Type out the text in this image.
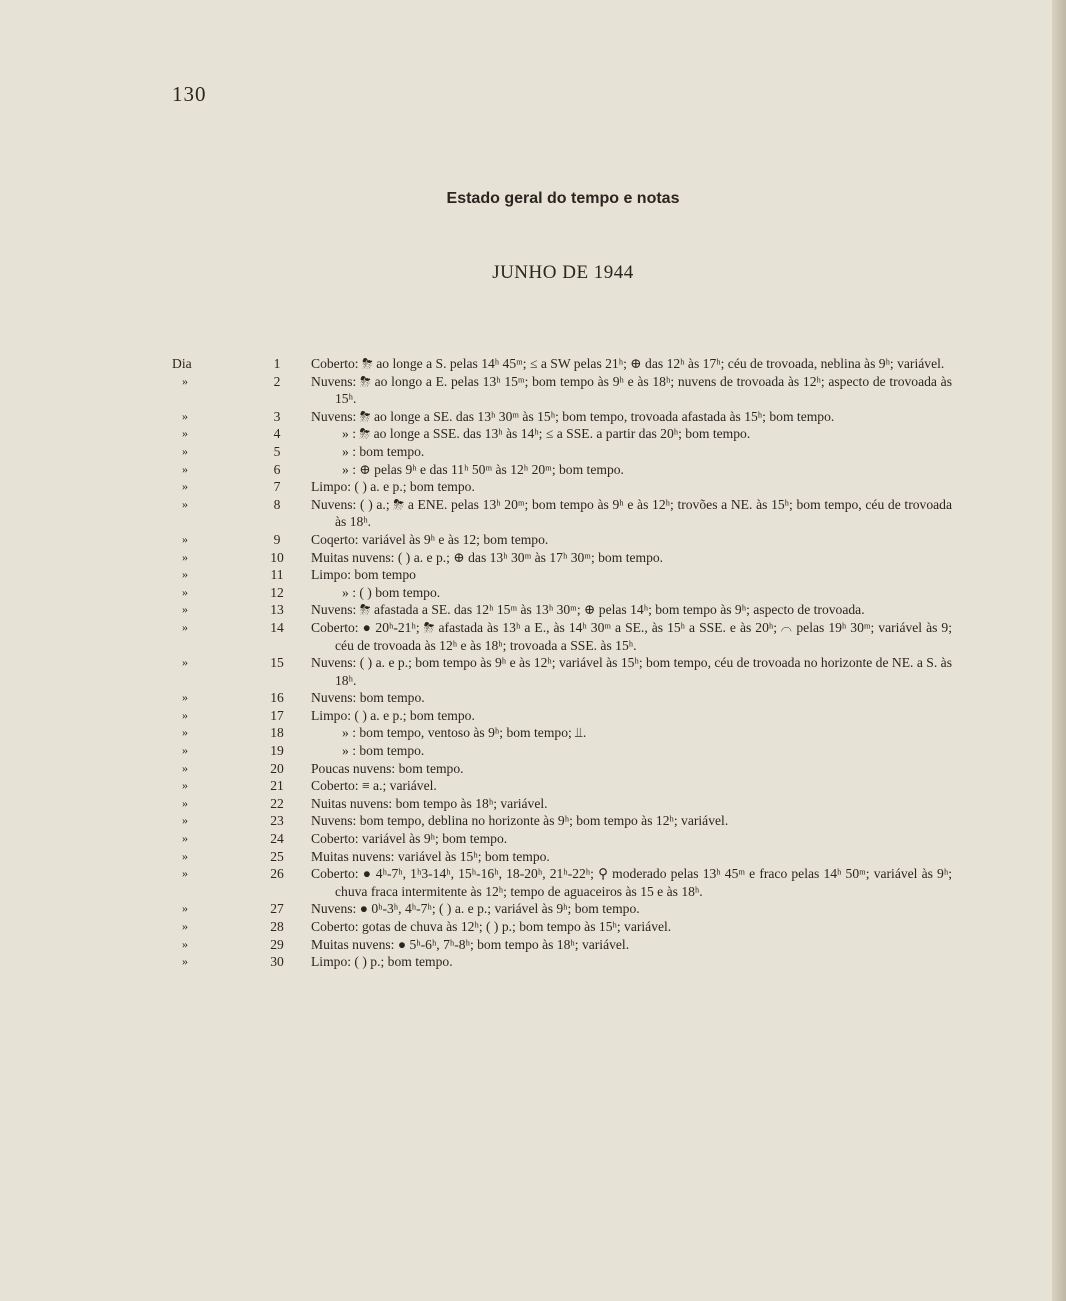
130
Estado geral do tempo e notas
JUNHO DE 1944
Dia	1	Coberto: ⛈ ao longe a S. pelas 14ʰ 45ᵐ; ≤ a SW pelas 21ʰ; ⊕ das 12ʰ às 17ʰ; céu de trovoada, neblina às 9ʰ; variável.
»	2	Nuvens: ⛈ ao longo a E. pelas 13ʰ 15ᵐ; bom tempo às 9ʰ e às 18ʰ; nuvens de trovoada às 12ʰ; aspecto de trovoada às 15ʰ.
»	3	Nuvens: ⛈ ao longe a SE. das 13ʰ 30ᵐ às 15ʰ; bom tempo, trovoada afastada às 15ʰ; bom tempo.
»	4	» : ⛈ ao longe a SSE. das 13ʰ às 14ʰ; ≤ a SSE. a partir das 20ʰ; bom tempo.
»	5	» : bom tempo.
»	6	» : ⊕ pelas 9ʰ e das 11ʰ 50ᵐ às 12ʰ 20ᵐ; bom tempo.
»	7	Limpo: ( ) a. e p.; bom tempo.
»	8	Nuvens: ( ) a.; ⛈ a ENE. pelas 13ʰ 20ᵐ; bom tempo às 9ʰ e às 12ʰ; trovões a NE. às 15ʰ; bom tempo, céu de trovoada às 18ʰ.
»	9	Coqerto: variável às 9ʰ e às 12; bom tempo.
»	10	Muitas nuvens: ( ) a. e p.; ⊕ das 13ʰ 30ᵐ às 17ʰ 30ᵐ; bom tempo.
»	11	Limpo: bom tempo
»	12	» : ( ) bom tempo.
»	13	Nuvens: ⛈ afastada a SE. das 12ʰ 15ᵐ às 13ʰ 30ᵐ; ⊕ pelas 14ʰ; bom tempo às 9ʰ; aspecto de trovoada.
»	14	Coberto: ● 20ʰ-21ʰ; ⛈ afastada às 13ʰ a E., às 14ʰ 30ᵐ a SE., às 15ʰ a SSE. e às 20ʰ; ⌒ pelas 19ʰ 30ᵐ; variável às 9; céu de trovoada às 12ʰ e às 18ʰ; trovoada a SSE. às 15ʰ.
»	15	Nuvens: ( ) a. e p.; bom tempo às 9ʰ e às 12ʰ; variável às 15ʰ; bom tempo, céu de trovoada no horizonte de NE. a S. às 18ʰ.
»	16	Nuvens: bom tempo.
»	17	Limpo: ( ) a. e p.; bom tempo.
»	18	» : bom tempo, ventoso às 9ʰ; bom tempo; ⫫.
»	19	» : bom tempo.
»	20	Poucas nuvens: bom tempo.
»	21	Coberto: ≡ a.; variável.
»	22	Nuitas nuvens: bom tempo às 18ʰ; variável.
»	23	Nuvens: bom tempo, deblina no horizonte às 9ʰ; bom tempo às 12ʰ; variável.
»	24	Coberto: variável às 9ʰ; bom tempo.
»	25	Muitas nuvens: variável às 15ʰ; bom tempo.
»	26	Coberto: ● 4ʰ-7ʰ, 1ʰ3-14ʰ, 15ʰ-16ʰ, 18-20ʰ, 21ʰ-22ʰ; ⚲ moderado pelas 13ʰ 45ᵐ e fraco pelas 14ʰ 50ᵐ; variável às 9ʰ; chuva fraca intermitente às 12ʰ; tempo de aguaceiros às 15 e às 18ʰ.
»	27	Nuvens: ● 0ʰ-3ʰ, 4ʰ-7ʰ; ( ) a. e p.; variável às 9ʰ; bom tempo.
»	28	Coberto: gotas de chuva às 12ʰ; ( ) p.; bom tempo às 15ʰ; variável.
»	29	Muitas nuvens: ● 5ʰ-6ʰ, 7ʰ-8ʰ; bom tempo às 18ʰ; variável.
»	30	Limpo: ( ) p.; bom tempo.
